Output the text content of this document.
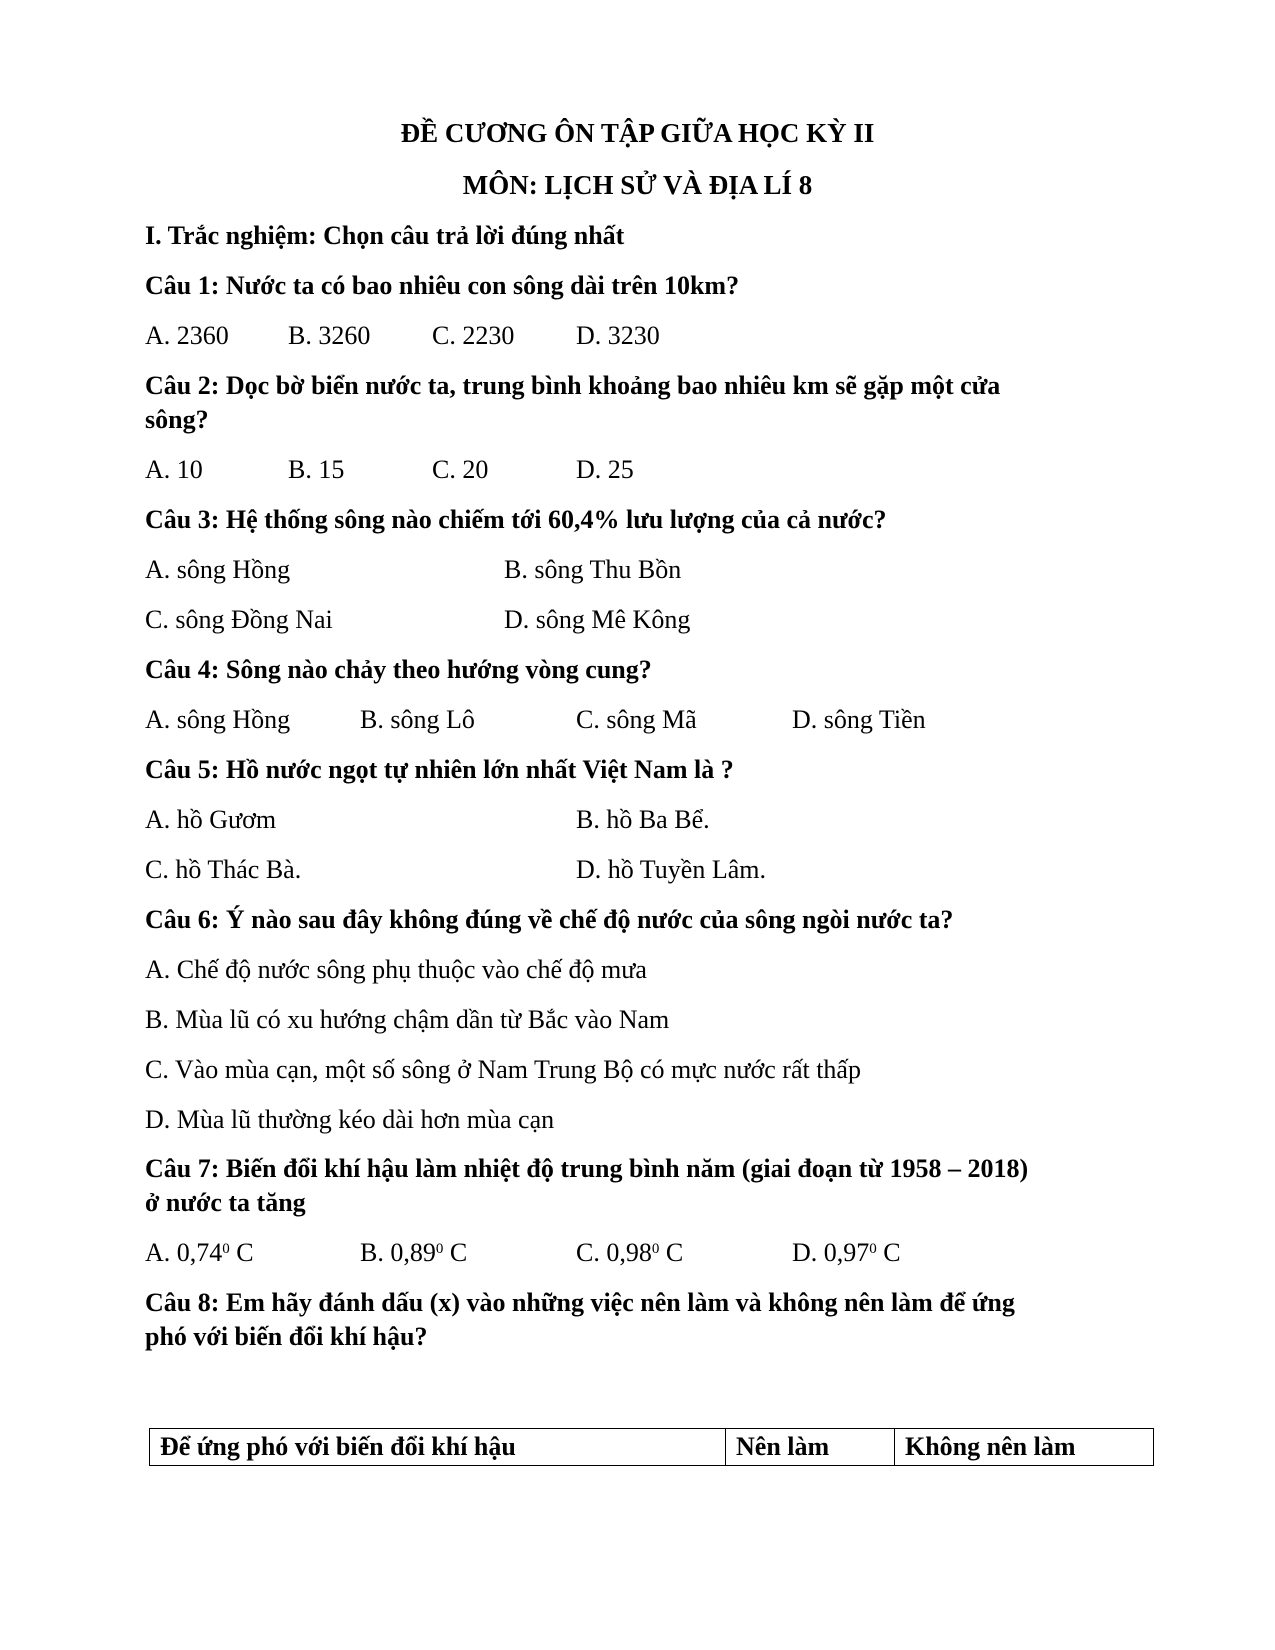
ĐỀ CƯƠNG ÔN TẬP GIỮA HỌC KỲ II
MÔN: LỊCH SỬ VÀ ĐỊA LÍ 8
I. Trắc nghiệm: Chọn câu trả lời đúng nhất
Câu 1: Nước ta có bao nhiêu con sông dài trên 10km?
A. 2360 B. 3260 C. 2230 D. 3230
Câu 2: Dọc bờ biển nước ta, trung bình khoảng bao nhiêu km sẽ gặp một cửa
sông?
A. 10	B. 15	C. 20	D. 25
Câu 3: Hệ thống sông nào chiếm tới 60,4% lưu lượng của cả nước?
A. sông Hồng	B. sông Thu Bồn
C. sông Đồng Nai	D. sông Mê Kông
Câu 4: Sông nào chảy theo hướng vòng cung?
A. sông Hồng	B. sông Lô	C. sông Mã	D. sông Tiền
Câu 5: Hồ nước ngọt tự nhiên lớn nhất Việt Nam là ?
A. hồ Gươm	B. hồ Ba Bể.
C. hồ Thác Bà.	D. hồ Tuyền Lâm.
Câu 6: Ý nào sau đây không đúng về chế độ nước của sông ngòi nước ta?
A. Chế độ nước sông phụ thuộc vào chế độ mưa
B. Mùa lũ có xu hướng chậm dần từ Bắc vào Nam
C. Vào mùa cạn, một số sông ở Nam Trung Bộ có mực nước rất thấp
D. Mùa lũ thường kéo dài hơn mùa cạn
Câu 7: Biến đổi khí hậu làm nhiệt độ trung bình năm (giai đoạn từ 1958 – 2018)
ở nước ta tăng
A. 0,74$^0$ C	B. 0,89$^0$ C	C. 0,98$^0$ C	D. 0,97$^0$ C
Câu 8: Em hãy đánh dấu (x) vào những việc nên làm và không nên làm để ứng
phó với biến đổi khí hậu?
Để ứng phó với biến đổi khí hậu	Nên làm	Không nên làm
